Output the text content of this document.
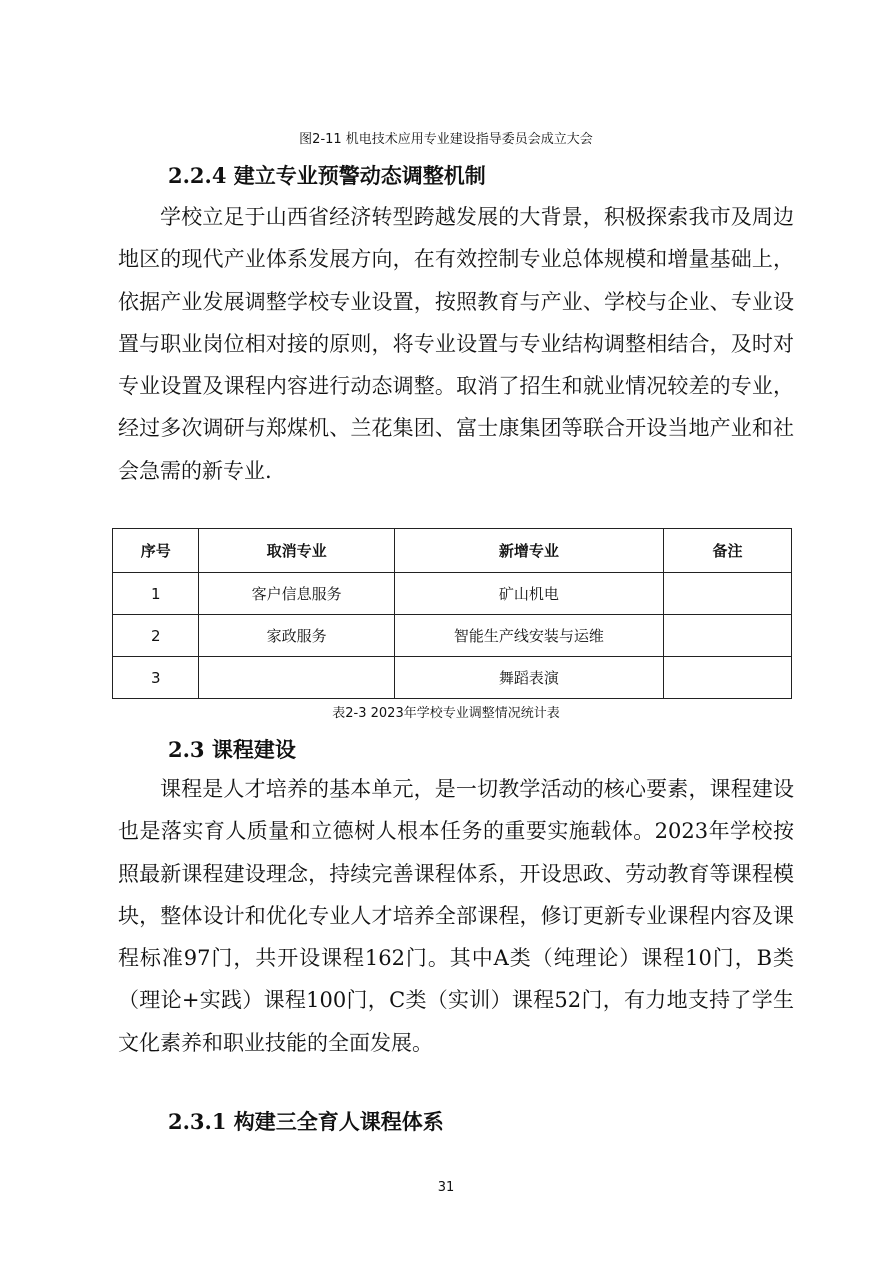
图2-11 机电技术应用专业建设指导委员会成立大会
2.2.4 建立专业预警动态调整机制

学校立足于山西省经济转型跨越发展的大背景，积极探索我市及周边地区的现代产业体系发展方向，在有效控制专业总体规模和增量基础上，依据产业发展调整学校专业设置，按照教育与产业、学校与企业、专业设置与职业岗位相对接的原则，将专业设置与专业结构调整相结合，及时对专业设置及课程内容进行动态调整。取消了招生和就业情况较差的专业，经过多次调研与郑煤机、兰花集团、富士康集团等联合开设当地产业和社会急需的新专业.

序号	取消专业	新增专业	备注
1	客户信息服务	矿山机电	
2	家政服务	智能生产线安装与运维	
3		舞蹈表演	
表2-3 2023年学校专业调整情况统计表
2.3 课程建设

课程是人才培养的基本单元，是一切教学活动的核心要素，课程建设也是落实育人质量和立德树人根本任务的重要实施载体。2023年学校按照最新课程建设理念，持续完善课程体系，开设思政、劳动教育等课程模块，整体设计和优化专业人才培养全部课程，修订更新专业课程内容及课程标准97门，共开设课程162门。其中A类（纯理论）课程10门，B类（理论+实践）课程100门，C类（实训）课程52门，有力地支持了学生文化素养和职业技能的全面发展。

2.3.1 构建三全育人课程体系
31
